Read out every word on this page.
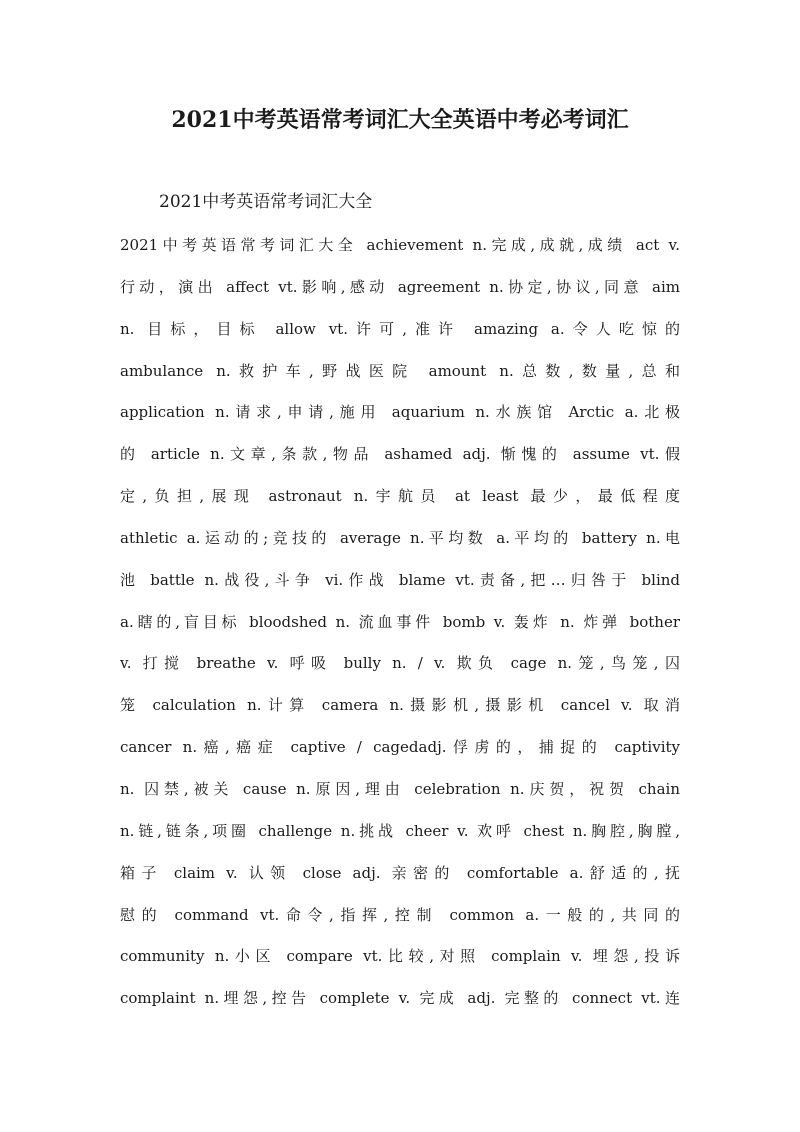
2021中考英语常考词汇大全英语中考必考词汇

2021中考英语常考词汇大全

2021中考英语常考词汇大全 achievement n.完成,成就,成绩 act v.
行动，演出 affect vt.影响,感动 agreement n.协定,协议,同意 aim
n. 目标，目标 allow vt.许可,准许 amazing a.令人吃惊的
ambulance n.救护车,野战医院 amount n.总数,数量,总和
application n.请求,申请,施用 aquarium n.水族馆 Arctic a.北极
的 article n.文章,条款,物品 ashamed adj. 惭愧的 assume vt.假
定,负担,展现 astronaut n.宇航员 at least 最少，最低程度
athletic a.运动的;竞技的 average n.平均数 a.平均的 battery n.电
池 battle n.战役,斗争 vi.作战 blame vt.责备,把…归咎于 blind
a.瞎的,盲目标 bloodshed n. 流血事件 bomb v. 轰炸 n. 炸弹 bother
v. 打搅 breathe v. 呼吸 bully n. / v. 欺负 cage n.笼,鸟笼,囚
笼 calculation n.计算 camera n.摄影机,摄影机 cancel v. 取消
cancer n.癌,癌症 captive / cagedadj.俘虏的，捕捉的 captivity
n. 囚禁,被关 cause n.原因,理由 celebration n.庆贺，祝贺 chain
n.链,链条,项圈 challenge n.挑战 cheer v. 欢呼 chest n.胸腔,胸膛,
箱子 claim v. 认领 close adj. 亲密的 comfortable a.舒适的,抚
慰的 command vt.命令,指挥,控制 common a.一般的,共同的
community n.小区 compare vt.比较,对照 complain v. 埋怨,投诉
complaint n.埋怨,控告 complete v. 完成 adj. 完整的 connect vt.连
